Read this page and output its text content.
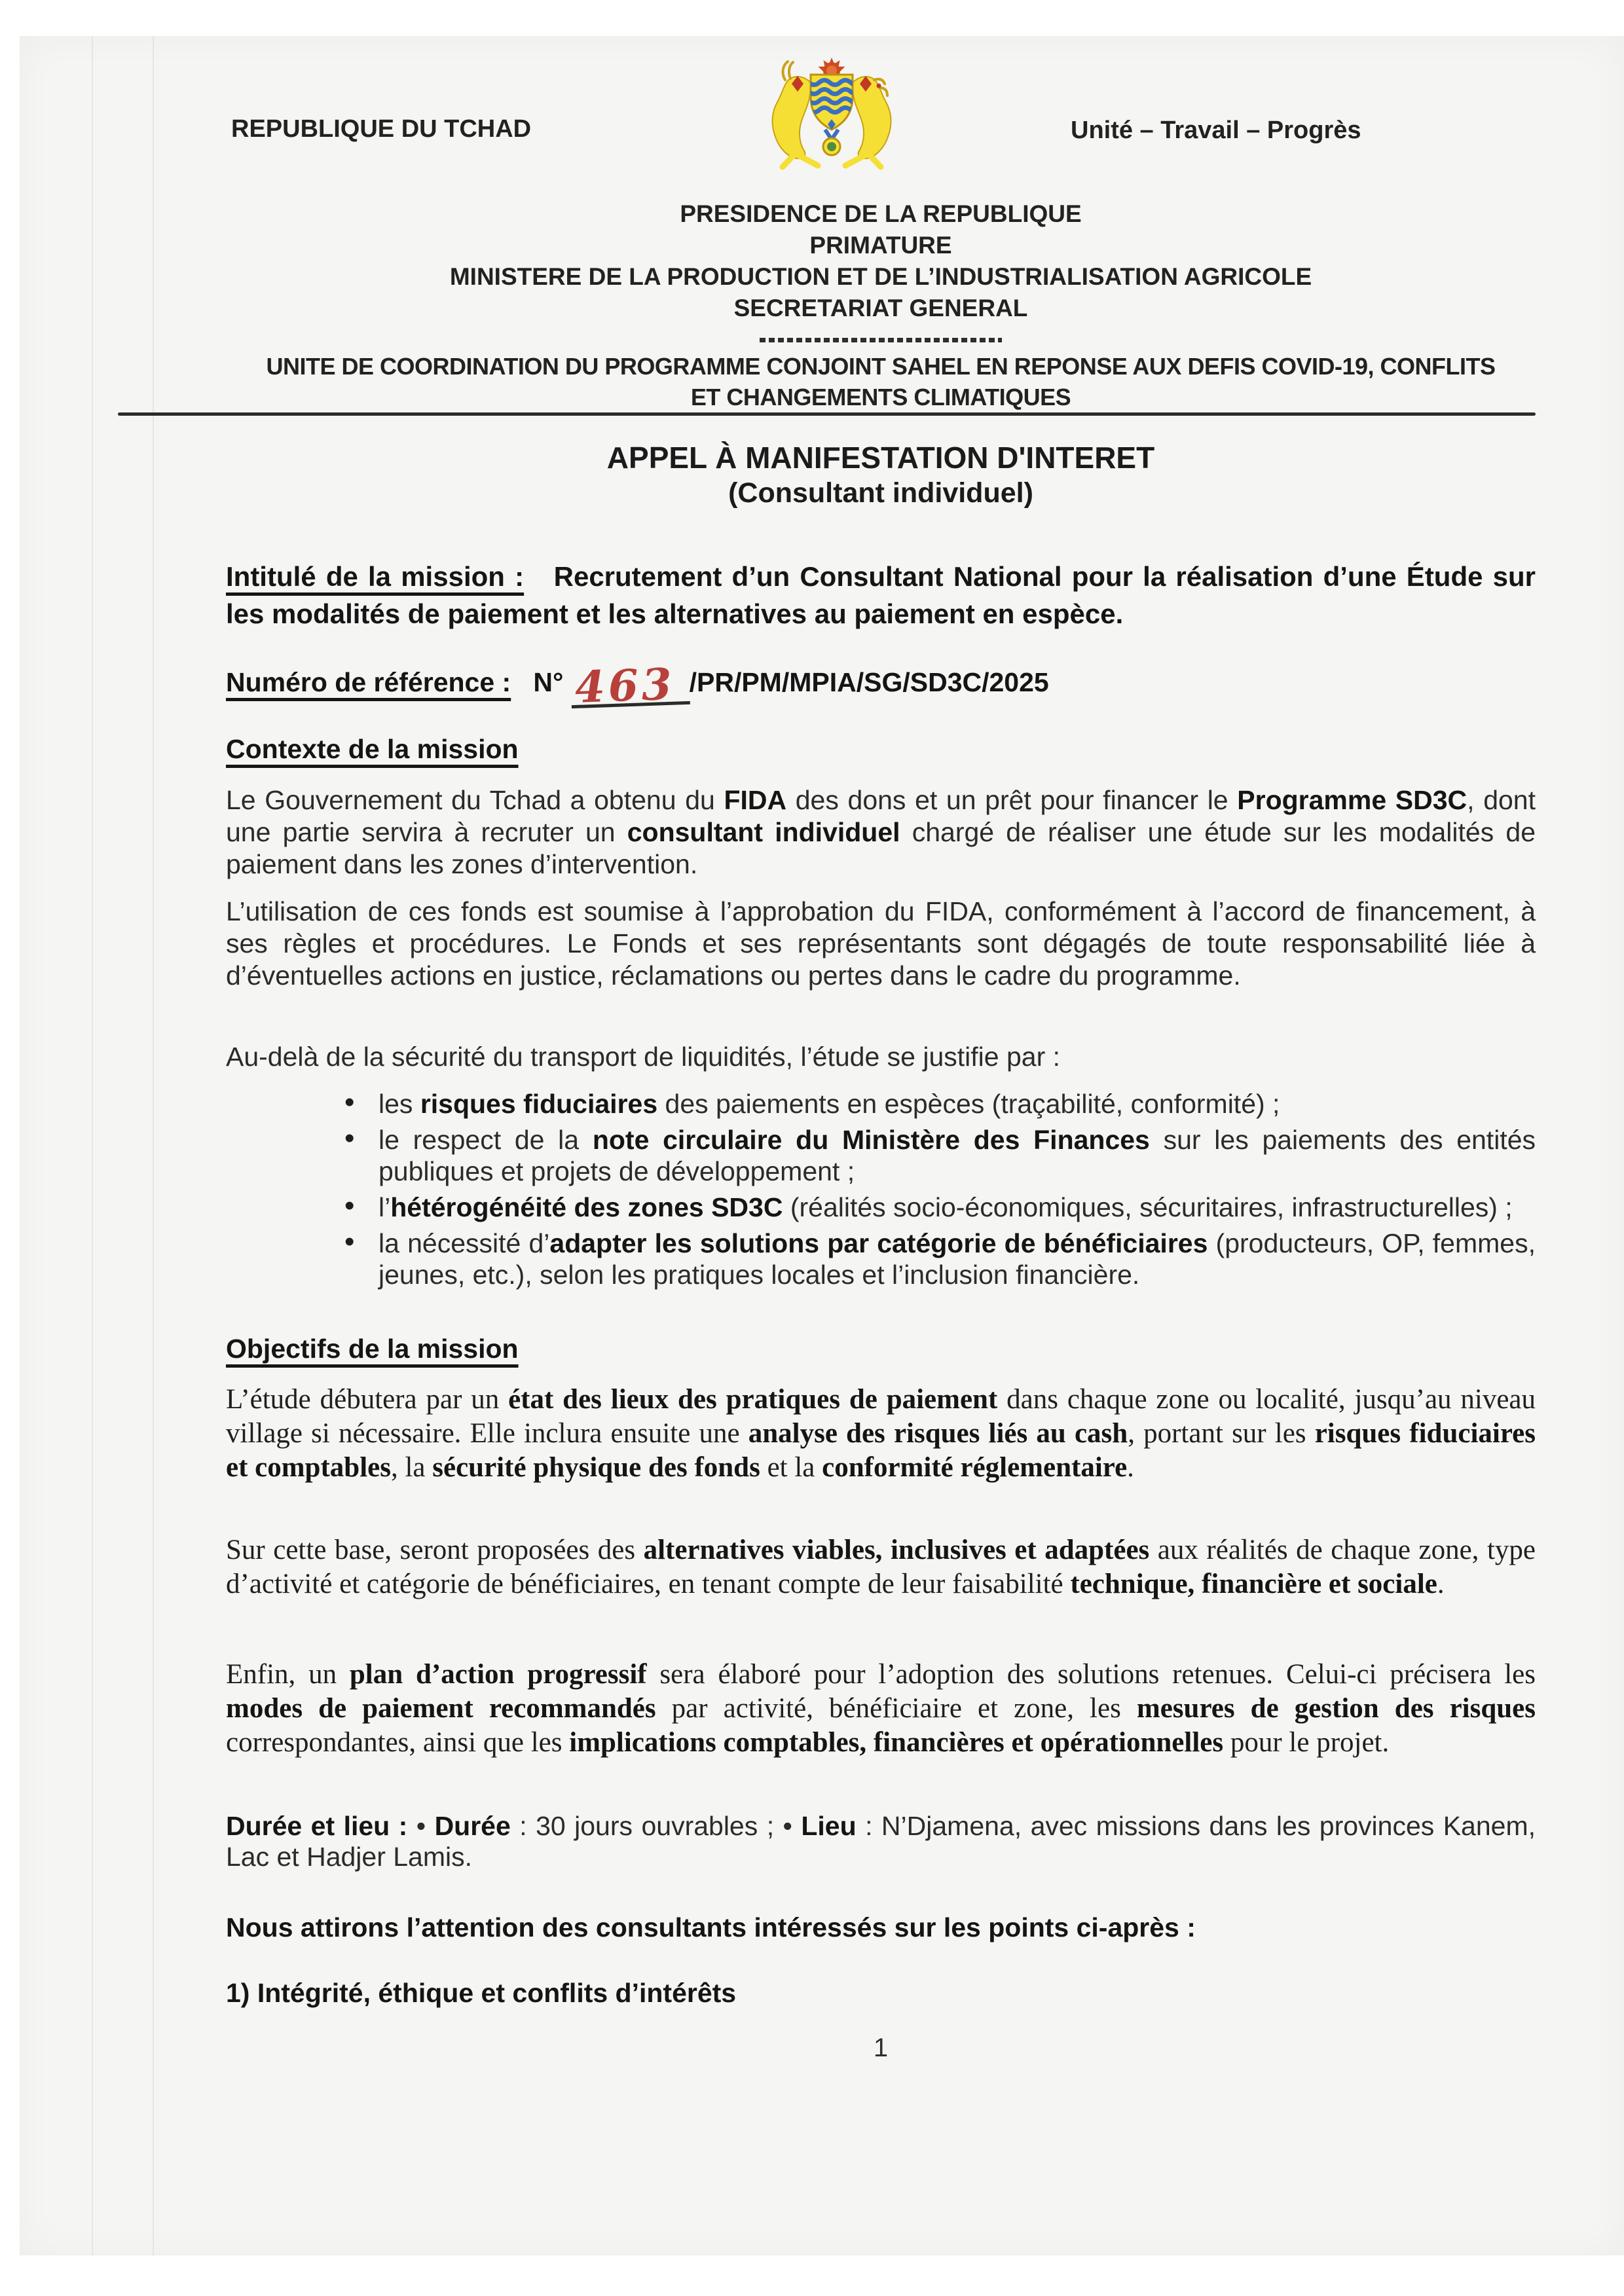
REPUBLIQUE DU TCHAD	Unité – Travail – Progrès
PRESIDENCE DE LA REPUBLIQUE
PRIMATURE
MINISTERE DE LA PRODUCTION ET DE L’INDUSTRIALISATION AGRICOLE
SECRETARIAT GENERAL
UNITE DE COORDINATION DU PROGRAMME CONJOINT SAHEL EN REPONSE AUX DEFIS COVID-19, CONFLITS
ET CHANGEMENTS CLIMATIQUES
APPEL À MANIFESTATION D'INTERET
(Consultant individuel)
Intitulé de la mission : Recrutement d’un Consultant National pour la réalisation d’une Étude sur les modalités de paiement et les alternatives au paiement en espèce.
Numéro de référence : N° 463 /PR/PM/MPIA/SG/SD3C/2025
Contexte de la mission
Le Gouvernement du Tchad a obtenu du FIDA des dons et un prêt pour financer le Programme SD3C, dont une partie servira à recruter un consultant individuel chargé de réaliser une étude sur les modalités de paiement dans les zones d’intervention.
L’utilisation de ces fonds est soumise à l’approbation du FIDA, conformément à l’accord de financement, à ses règles et procédures. Le Fonds et ses représentants sont dégagés de toute responsabilité liée à d’éventuelles actions en justice, réclamations ou pertes dans le cadre du programme.
Au-delà de la sécurité du transport de liquidités, l’étude se justifie par :
• les risques fiduciaires des paiements en espèces (traçabilité, conformité) ;
• le respect de la note circulaire du Ministère des Finances sur les paiements des entités publiques et projets de développement ;
• l’hétérogénéité des zones SD3C (réalités socio-économiques, sécuritaires, infrastructurelles) ;
• la nécessité d’adapter les solutions par catégorie de bénéficiaires (producteurs, OP, femmes, jeunes, etc.), selon les pratiques locales et l’inclusion financière.
Objectifs de la mission
L’étude débutera par un état des lieux des pratiques de paiement dans chaque zone ou localité, jusqu’au niveau village si nécessaire. Elle inclura ensuite une analyse des risques liés au cash, portant sur les risques fiduciaires et comptables, la sécurité physique des fonds et la conformité réglementaire.
Sur cette base, seront proposées des alternatives viables, inclusives et adaptées aux réalités de chaque zone, type d’activité et catégorie de bénéficiaires, en tenant compte de leur faisabilité technique, financière et sociale.
Enfin, un plan d’action progressif sera élaboré pour l’adoption des solutions retenues. Celui-ci précisera les modes de paiement recommandés par activité, bénéficiaire et zone, les mesures de gestion des risques correspondantes, ainsi que les implications comptables, financières et opérationnelles pour le projet.
Durée et lieu : • Durée : 30 jours ouvrables ; • Lieu : N’Djamena, avec missions dans les provinces Kanem, Lac et Hadjer Lamis.
Nous attirons l’attention des consultants intéressés sur les points ci-après :
1) Intégrité, éthique et conflits d’intérêts
1
